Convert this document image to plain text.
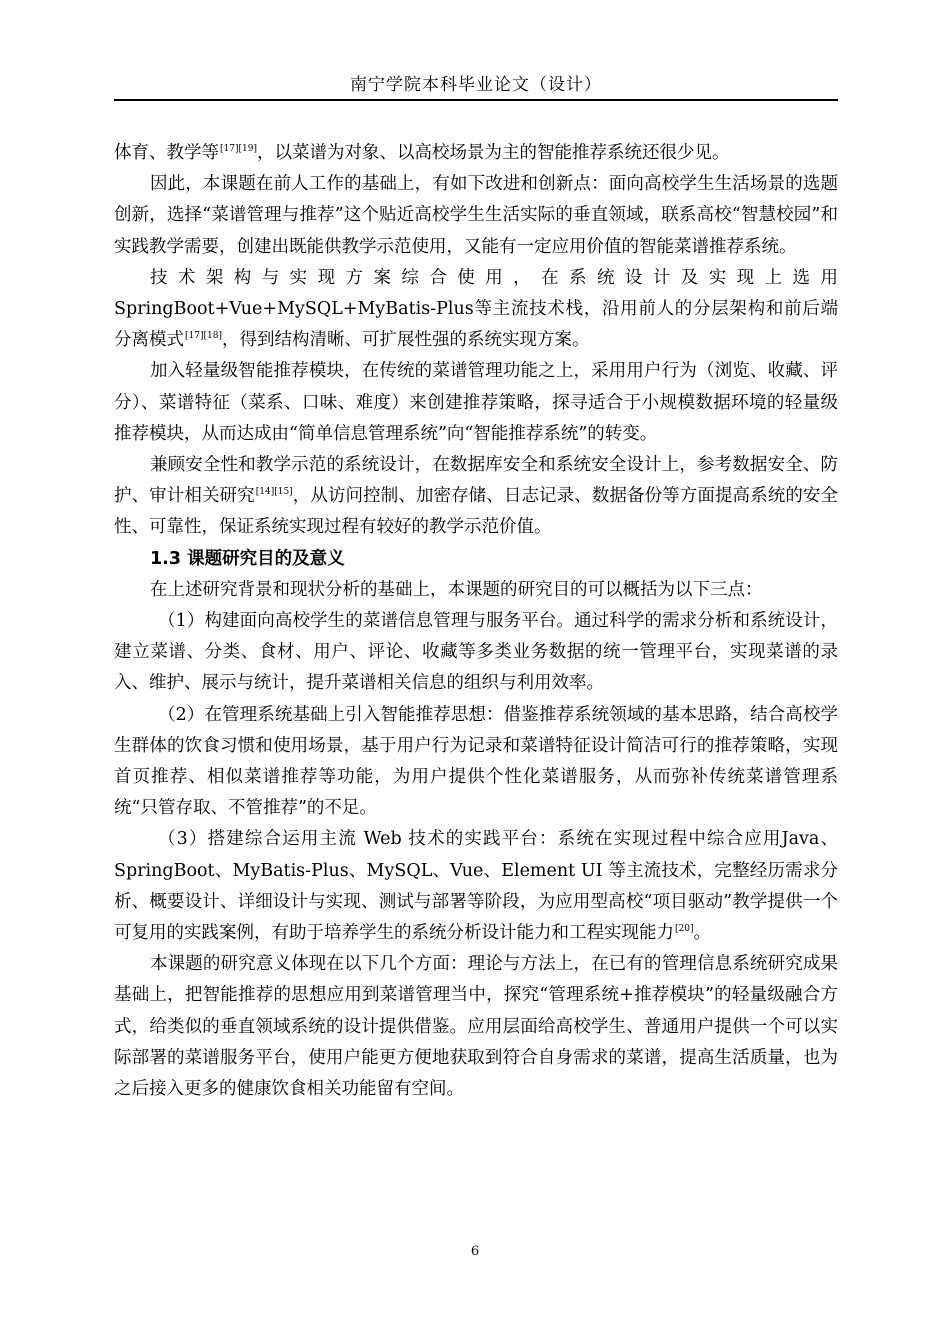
南宁学院本科毕业论文（设计）

体育、教学等[17][19]，以菜谱为对象、以高校场景为主的智能推荐系统还很少见。

因此，本课题在前人工作的基础上，有如下改进和创新点：面向高校学生生活场景的选题创新，选择“菜谱管理与推荐”这个贴近高校学生生活实际的垂直领域，联系高校“智慧校园”和实践教学需要，创建出既能供教学示范使用，又能有一定应用价值的智能菜谱推荐系统。

技术架构与实现方案综合使用，在系统设计及实现上选用SpringBoot+Vue+MySQL+MyBatis-Plus等主流技术栈，沿用前人的分层架构和前后端分离模式[17][18]，得到结构清晰、可扩展性强的系统实现方案。

加入轻量级智能推荐模块，在传统的菜谱管理功能之上，采用用户行为（浏览、收藏、评分）、菜谱特征（菜系、口味、难度）来创建推荐策略，探寻适合于小规模数据环境的轻量级推荐模块，从而达成由“简单信息管理系统”向“智能推荐系统”的转变。

兼顾安全性和教学示范的系统设计，在数据库安全和系统安全设计上，参考数据安全、防护、审计相关研究[14][15]，从访问控制、加密存储、日志记录、数据备份等方面提高系统的安全性、可靠性，保证系统实现过程有较好的教学示范价值。

1.3 课题研究目的及意义

在上述研究背景和现状分析的基础上，本课题的研究目的可以概括为以下三点：

（1）构建面向高校学生的菜谱信息管理与服务平台。通过科学的需求分析和系统设计，建立菜谱、分类、食材、用户、评论、收藏等多类业务数据的统一管理平台，实现菜谱的录入、维护、展示与统计，提升菜谱相关信息的组织与利用效率。

（2）在管理系统基础上引入智能推荐思想：借鉴推荐系统领域的基本思路，结合高校学生群体的饮食习惯和使用场景，基于用户行为记录和菜谱特征设计简洁可行的推荐策略，实现首页推荐、相似菜谱推荐等功能，为用户提供个性化菜谱服务，从而弥补传统菜谱管理系统“只管存取、不管推荐”的不足。

（3）搭建综合运用主流 Web 技术的实践平台：系统在实现过程中综合应用Java、SpringBoot、MyBatis-Plus、MySQL、Vue、Element UI 等主流技术，完整经历需求分析、概要设计、详细设计与实现、测试与部署等阶段，为应用型高校“项目驱动”教学提供一个可复用的实践案例，有助于培养学生的系统分析设计能力和工程实现能力[20]。

本课题的研究意义体现在以下几个方面：理论与方法上，在已有的管理信息系统研究成果基础上，把智能推荐的思想应用到菜谱管理当中，探究“管理系统+推荐模块”的轻量级融合方式，给类似的垂直领域系统的设计提供借鉴。应用层面给高校学生、普通用户提供一个可以实际部署的菜谱服务平台，使用户能更方便地获取到符合自身需求的菜谱，提高生活质量，也为之后接入更多的健康饮食相关功能留有空间。

6
